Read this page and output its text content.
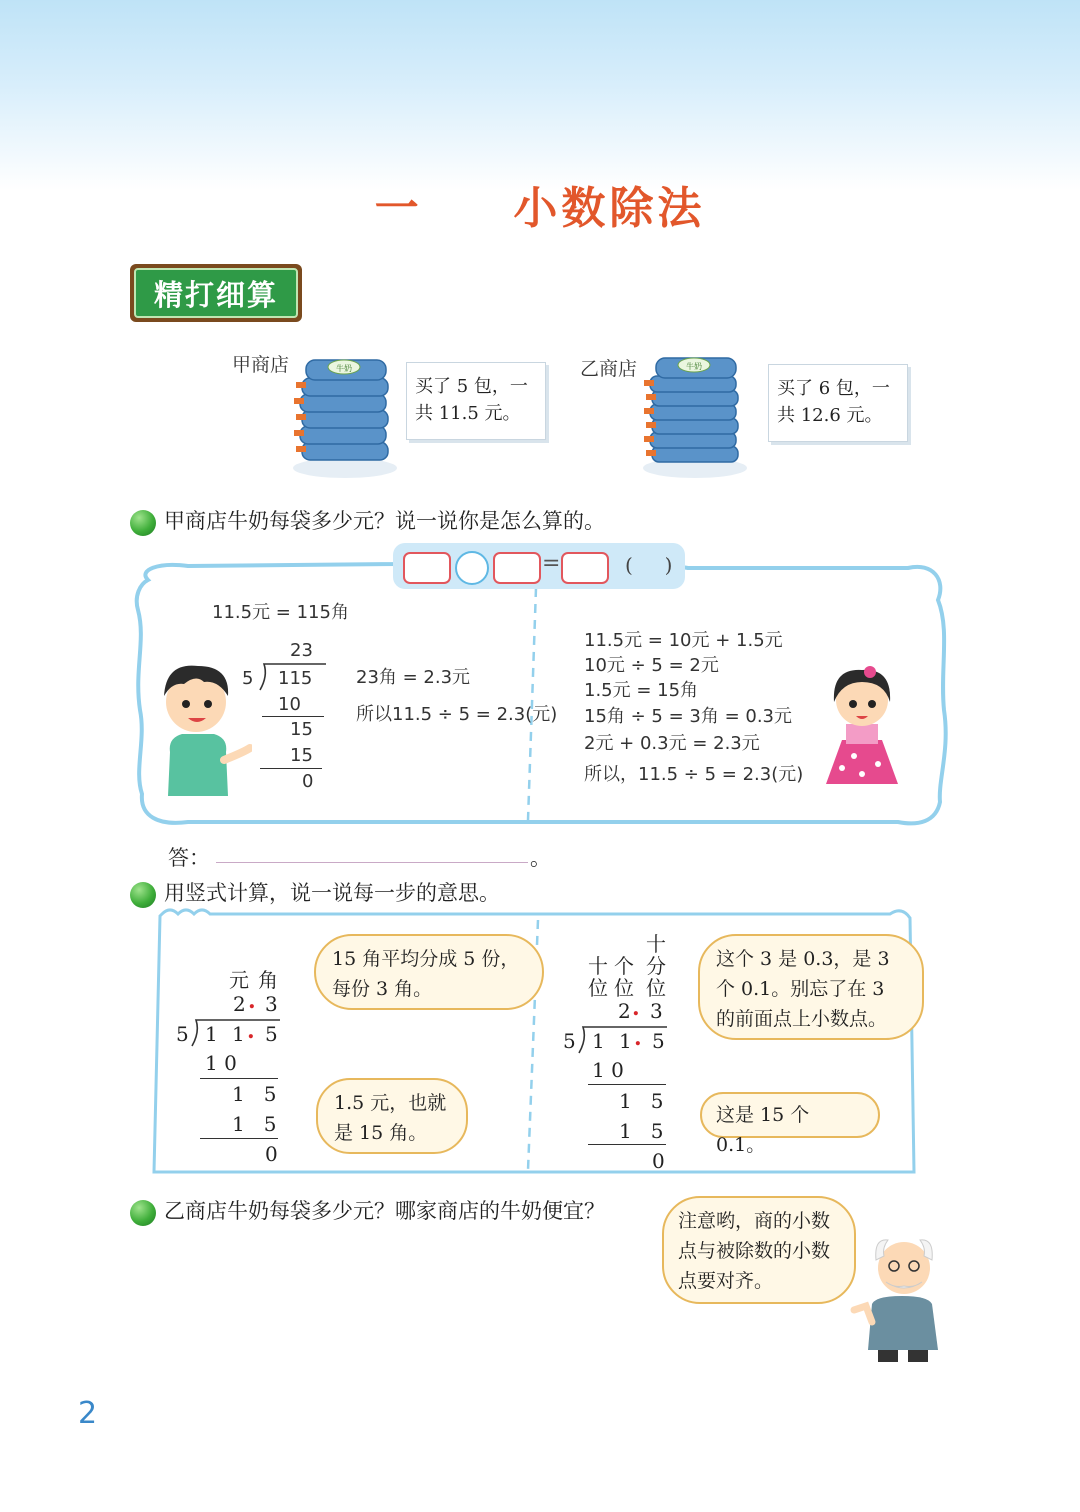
一 小数除法
精打细算
甲商店	牛奶
买了 5 包，一
共 11.5 元。
乙商店	牛奶
买了 6 包，一
共 12.6 元。
甲商店牛奶每袋多少元？说一说你是怎么算的。
=	(     )
11.5元 = 115角
23
5 115
10
15
15
0
23角 = 2.3元
所以11.5 ÷ 5 = 2.3(元)
11.5元 = 10元 + 1.5元
10元 ÷ 5 = 2元
1.5元 = 15角
15角 ÷ 5 = 3角 = 0.3元
2元 + 0.3元 = 2.3元
所以，11.5 ÷ 5 = 2.3(元)
答：	。
用竖式计算，说一说每一步的意思。
元 角
2 . 3
5 1 1 . 5
1 0
1   5
1   5
0
15 角平均分成 5 份，每份 3 角。
1.5 元，也就是 15 角。
十
十 个 分
位 位 位
2 . 3
5 1 1 . 5
1 0
1   5
1   5
0
这个 3 是 0.3，是 3 个 0.1。别忘了在 3 的前面点上小数点。
这是 15 个 0.1。
乙商店牛奶每袋多少元？哪家商店的牛奶便宜？	注意哟，商的小数点与被除数的小数点要对齐。
2
